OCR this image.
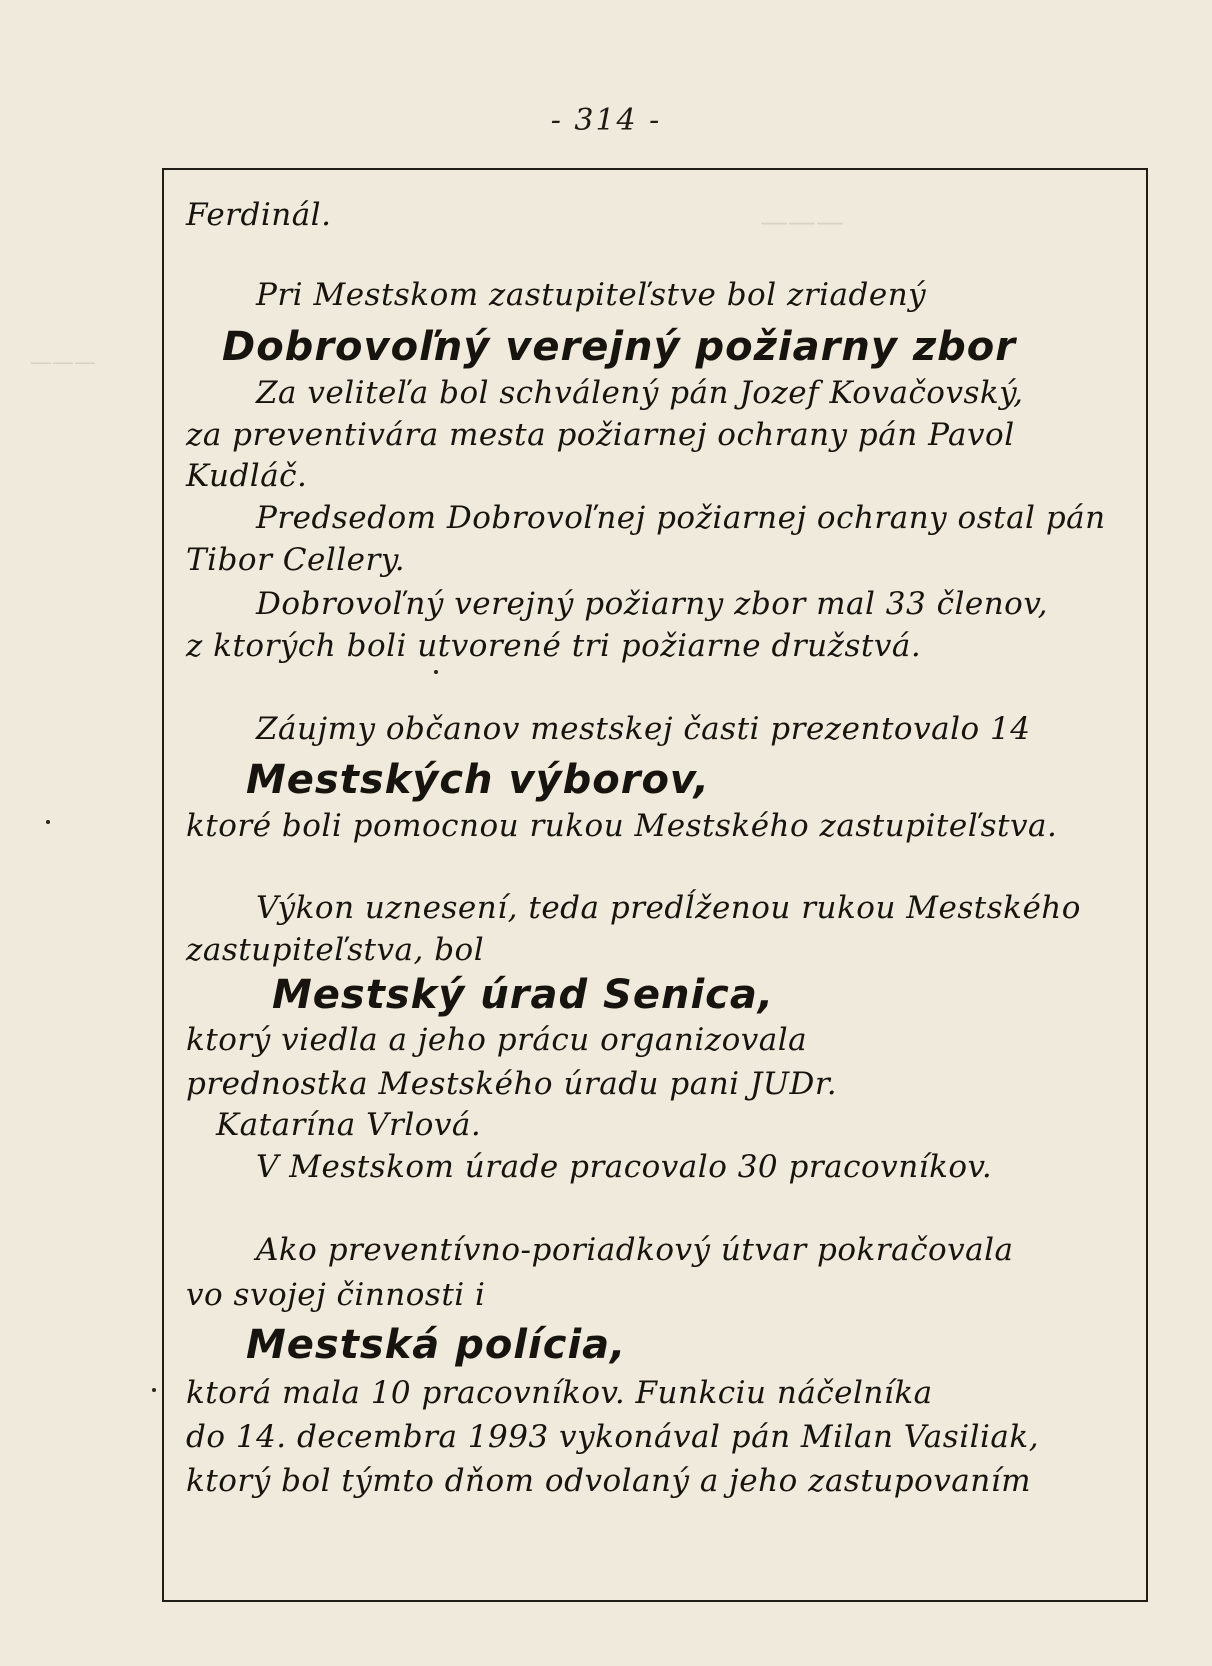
———
———
- 314 -
Ferdinál.
Pri Mestskom zastupiteľstve bol zriadený
Dobrovoľný verejný požiarny zbor
Za veliteľa bol schválený pán Jozef Kovačovský,
za preventivára mesta požiarnej ochrany pán Pavol
Kudláč.
Predsedom Dobrovoľnej požiarnej ochrany ostal pán
Tibor Cellery.
Dobrovoľný verejný požiarny zbor mal 33 členov,
z ktorých boli utvorené tri požiarne družstvá.
Záujmy občanov mestskej časti prezentovalo 14
Mestských výborov,
ktoré boli pomocnou rukou Mestského zastupiteľstva.
Výkon uznesení, teda predĺženou rukou Mestského
zastupiteľstva, bol
Mestský úrad Senica,
ktorý viedla a jeho prácu organizovala
prednostka Mestského úradu pani JUDr.
Katarína Vrlová.
V Mestskom úrade pracovalo 30 pracovníkov.
Ako preventívno-poriadkový útvar pokračovala
vo svojej činnosti i
Mestská polícia,
ktorá mala 10 pracovníkov. Funkciu náčelníka
do 14. decembra 1993 vykonával pán Milan Vasiliak,
ktorý bol týmto dňom odvolaný a jeho zastupovaním
